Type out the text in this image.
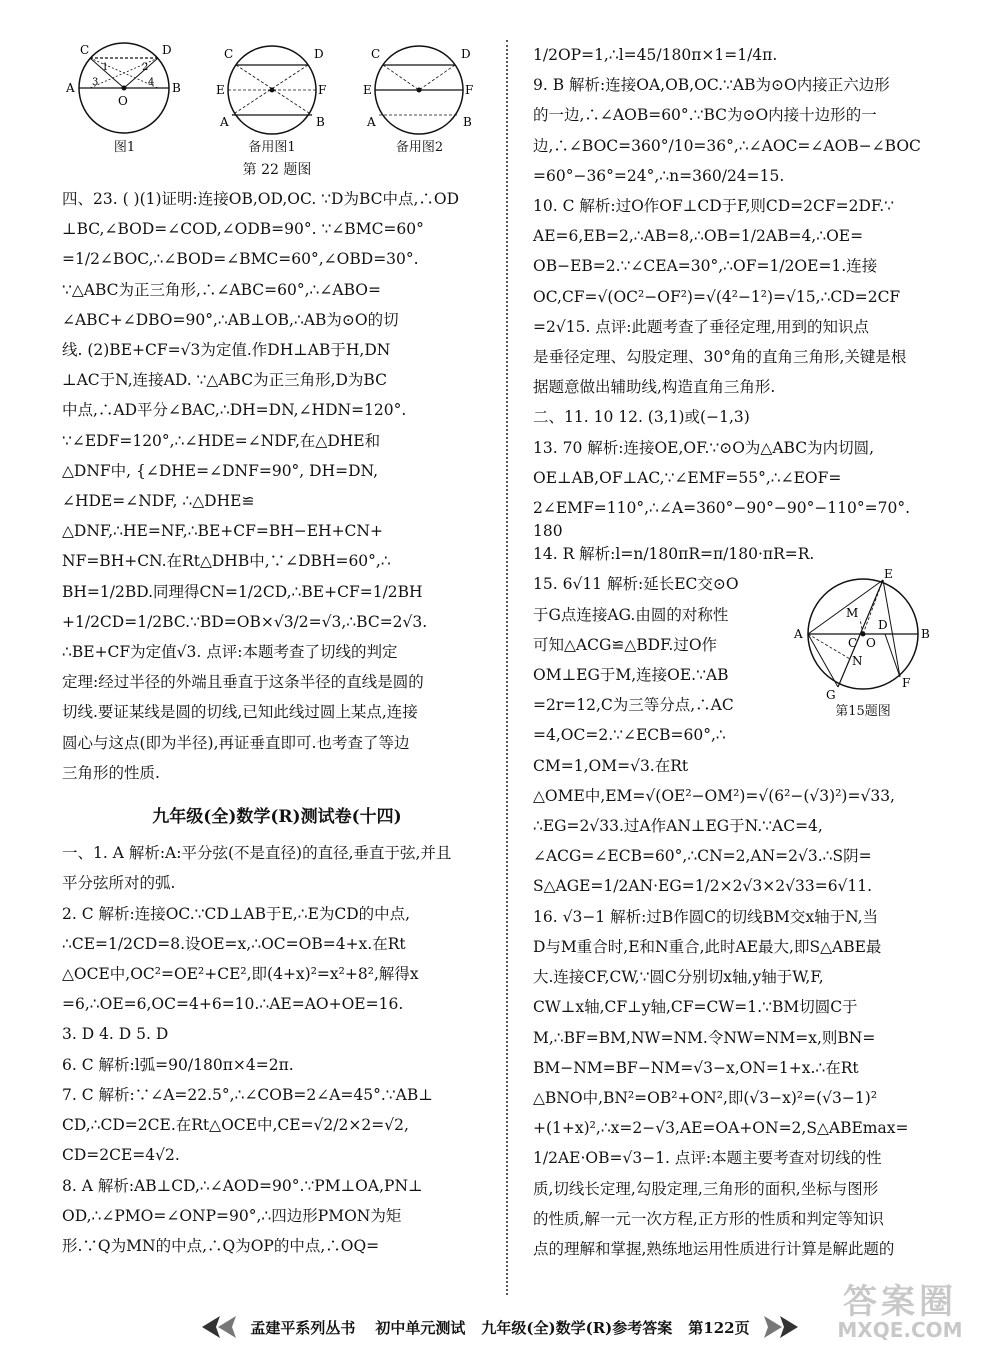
C	D
A	B
O
1	2
3	4
图1
C	D
E	F
A	B
备用图1
C	D
E	F
A	B
备用图2
第 22 题图

四、23. ( )(1)证明:连接OB,OD,OC. ∵D为BC中点,∴OD

⊥BC,∠BOD=∠COD,∠ODB=90°. ∵∠BMC=60°

=1/2∠BOC,∴∠BOD=∠BMC=60°,∠OBD=30°.

∵△ABC为正三角形,∴∠ABC=60°,∴∠ABO=

∠ABC+∠DBO=90°,∴AB⊥OB,∴AB为⊙O的切

线. (2)BE+CF=√3为定值.作DH⊥AB于H,DN

⊥AC于N,连接AD. ∵△ABC为正三角形,D为BC

中点,∴AD平分∠BAC,∴DH=DN,∠HDN=120°.

∵∠EDF=120°,∴∠HDE=∠NDF,在△DHE和

△DNF中, {∠DHE=∠DNF=90°, DH=DN, ∠HDE=∠NDF, ∴△DHE≌

△DNF,∴HE=NF,∴BE+CF=BH−EH+CN+

NF=BH+CN.在Rt△DHB中,∵∠DBH=60°,∴

BH=1/2BD.同理得CN=1/2CD,∴BE+CF=1/2BH

+1/2CD=1/2BC.∵BD=OB×√3/2=√3,∴BC=2√3.

∴BE+CF为定值√3. 点评:本题考查了切线的判定

定理:经过半径的外端且垂直于这条半径的直线是圆的

切线.要证某线是圆的切线,已知此线过圆上某点,连接

圆心与这点(即为半径),再证垂直即可.也考查了等边

三角形的性质.

九年级(全)数学(R)测试卷(十四)

一、1. A 解析:A:平分弦(不是直径)的直径,垂直于弦,并且

平分弦所对的弧.

2. C 解析:连接OC.∵CD⊥AB于E,∴E为CD的中点,

∴CE=1/2CD=8.设OE=x,∴OC=OB=4+x.在Rt

△OCE中,OC²=OE²+CE²,即(4+x)²=x²+8²,解得x

=6,∴OE=6,OC=4+6=10.∴AE=AO+OE=16.

3. D 4. D 5. D

6. C 解析:l弧=90/180π×4=2π.

7. C 解析:∵∠A=22.5°,∴∠COB=2∠A=45°.∵AB⊥

CD,∴CD=2CE.在Rt△OCE中,CE=√2/2×2=√2,

CD=2CE=4√2.

8. A 解析:AB⊥CD,∴∠AOD=90°.∵PM⊥OA,PN⊥

OD,∴∠PMO=∠ONP=90°,∴四边形PMON为矩

形.∵Q为MN的中点,∴Q为OP的中点,∴OQ=

1/2OP=1,∴l=45/180π×1=1/4π.

9. B 解析:连接OA,OB,OC.∵AB为⊙O内接正六边形

的一边,∴∠AOB=60°.∵BC为⊙O内接十边形的一

边,∴∠BOC=360°/10=36°,∴∠AOC=∠AOB−∠BOC

=60°−36°=24°,∴n=360/24=15.

10. C 解析:过O作OF⊥CD于F,则CD=2CF=2DF.∵

AE=6,EB=2,∴AB=8,∴OB=1/2AB=4,∴OE=

OB−EB=2.∵∠CEA=30°,∴OF=1/2OE=1.连接

OC,CF=√(OC²−OF²)=√(4²−1²)=√15,∴CD=2CF

=2√15. 点评:此题考查了垂径定理,用到的知识点

是垂径定理、勾股定理、30°角的直角三角形,关键是根

据题意做出辅助线,构造直角三角形.

二、11. 10 12. (3,1)或(−1,3)

13. 70 解析:连接OE,OF.∵⊙O为△ABC为内切圆,

OE⊥AB,OF⊥AC,∵∠EMF=55°,∴∠EOF=

2∠EMF=110°,∴∠A=360°−90°−90°−110°=70°.

180

14. R 解析:l=n/180πR=π/180·πR=R.

E
M
D
A
C O
B
G
N
F
第15题图

15. 6√11 解析:延长EC交⊙O

于G点连接AG.由圆的对称性

可知△ACG≌△BDF.过O作

OM⊥EG于M,连接OE.∵AB

=2r=12,C为三等分点,∴AC

=4,OC=2.∵∠ECB=60°,∴

CM=1,OM=√3.在Rt

△OME中,EM=√(OE²−OM²)=√(6²−(√3)²)=√33,

∴EG=2√33.过A作AN⊥EG于N.∵AC=4,

∠ACG=∠ECB=60°,∴CN=2,AN=2√3.∴S阴=

S△AGE=1/2AN·EG=1/2×2√3×2√33=6√11.

16. √3−1 解析:过B作圆C的切线BM交x轴于N,当

D与M重合时,E和N重合,此时AE最大,即S△ABE最

大.连接CF,CW,∵圆C分别切x轴,y轴于W,F,

CW⊥x轴,CF⊥y轴,CF=CW=1.∵BM切圆C于

M,∴BF=BM,NW=NM.令NW=NM=x,则BN=

BM−NM=BF−NM=√3−x,ON=1+x.∴在Rt

△BNO中,BN²=OB²+ON²,即(√3−x)²=(√3−1)²

+(1+x)²,∴x=2−√3,AE=OA+ON=2,S△ABEmax=

1/2AE·OB=√3−1. 点评:本题主要考查对切线的性

质,切线长定理,勾股定理,三角形的面积,坐标与图形

的性质,解一元一次方程,正方形的性质和判定等知识

点的理解和掌握,熟练地运用性质进行计算是解此题的

孟建平系列丛书 初中单元测试 九年级(全)数学(R)参考答案 第122页
答案圈
MXQE.COM
